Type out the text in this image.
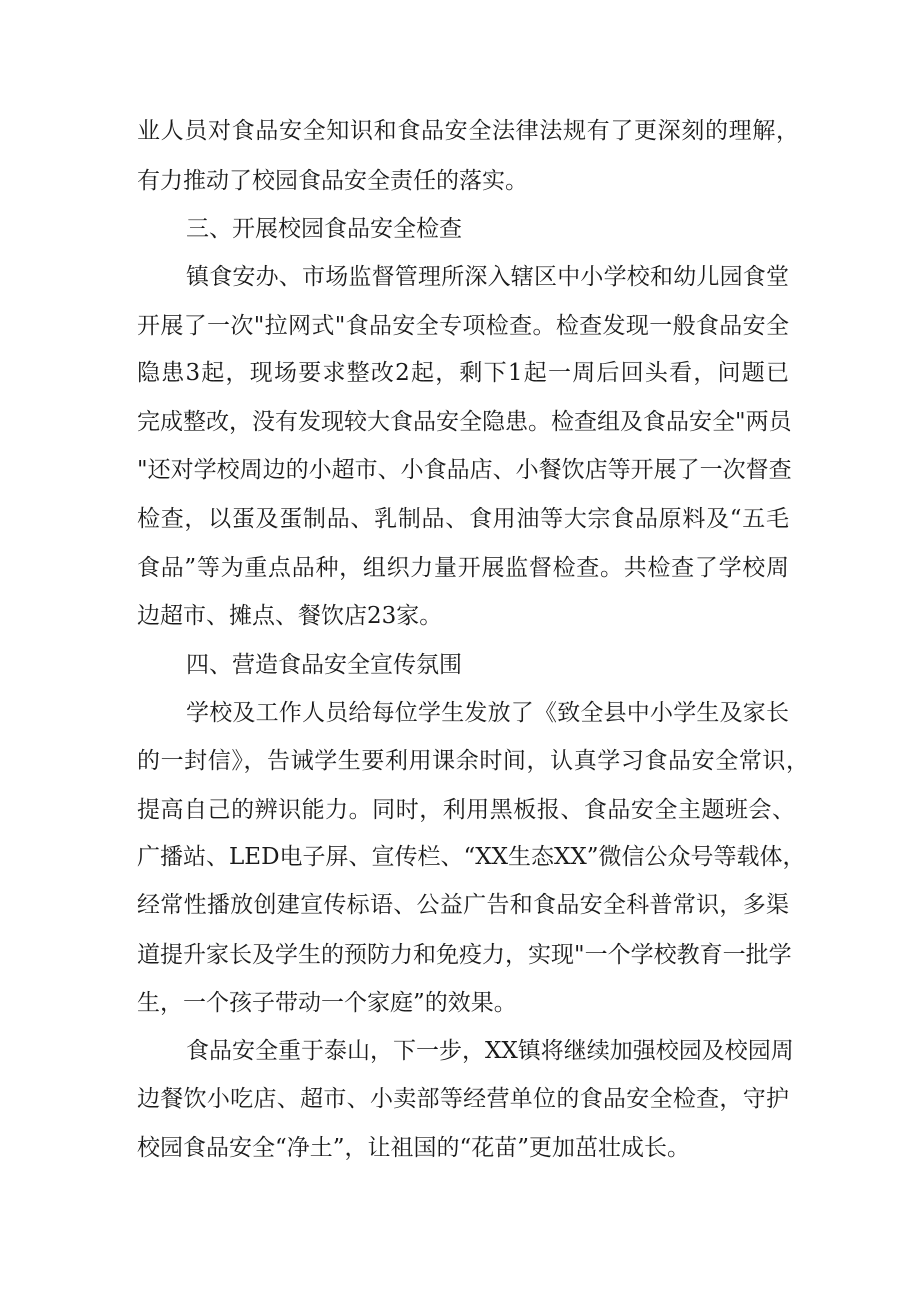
业人员对食品安全知识和食品安全法律法规有了更深刻的理解，

有力推动了校园食品安全责任的落实。

三、开展校园食品安全检查

镇食安办、市场监督管理所深入辖区中小学校和幼儿园食堂

开展了一次"拉网式"食品安全专项检查。检查发现一般食品安全

隐患3起，现场要求整改2起，剩下1起一周后回头看，问题已

完成整改，没有发现较大食品安全隐患。检查组及食品安全"两员

"还对学校周边的小超市、小食品店、小餐饮店等开展了一次督查

检查，以蛋及蛋制品、乳制品、食用油等大宗食品原料及“五毛

食品”等为重点品种，组织力量开展监督检查。共检查了学校周

边超市、摊点、餐饮店23家。

四、营造食品安全宣传氛围

学校及工作人员给每位学生发放了《致全县中小学生及家长

的一封信》，告诫学生要利用课余时间，认真学习食品安全常识，

提高自己的辨识能力。同时，利用黑板报、食品安全主题班会、

广播站、LED电子屏、宣传栏、“XX生态XX”微信公众号等载体，

经常性播放创建宣传标语、公益广告和食品安全科普常识，多渠

道提升家长及学生的预防力和免疫力，实现"一个学校教育一批学

生，一个孩子带动一个家庭”的效果。

食品安全重于泰山，下一步，XX镇将继续加强校园及校园周

边餐饮小吃店、超市、小卖部等经营单位的食品安全检查，守护

校园食品安全“净土”，让祖国的“花苗”更加茁壮成长。
